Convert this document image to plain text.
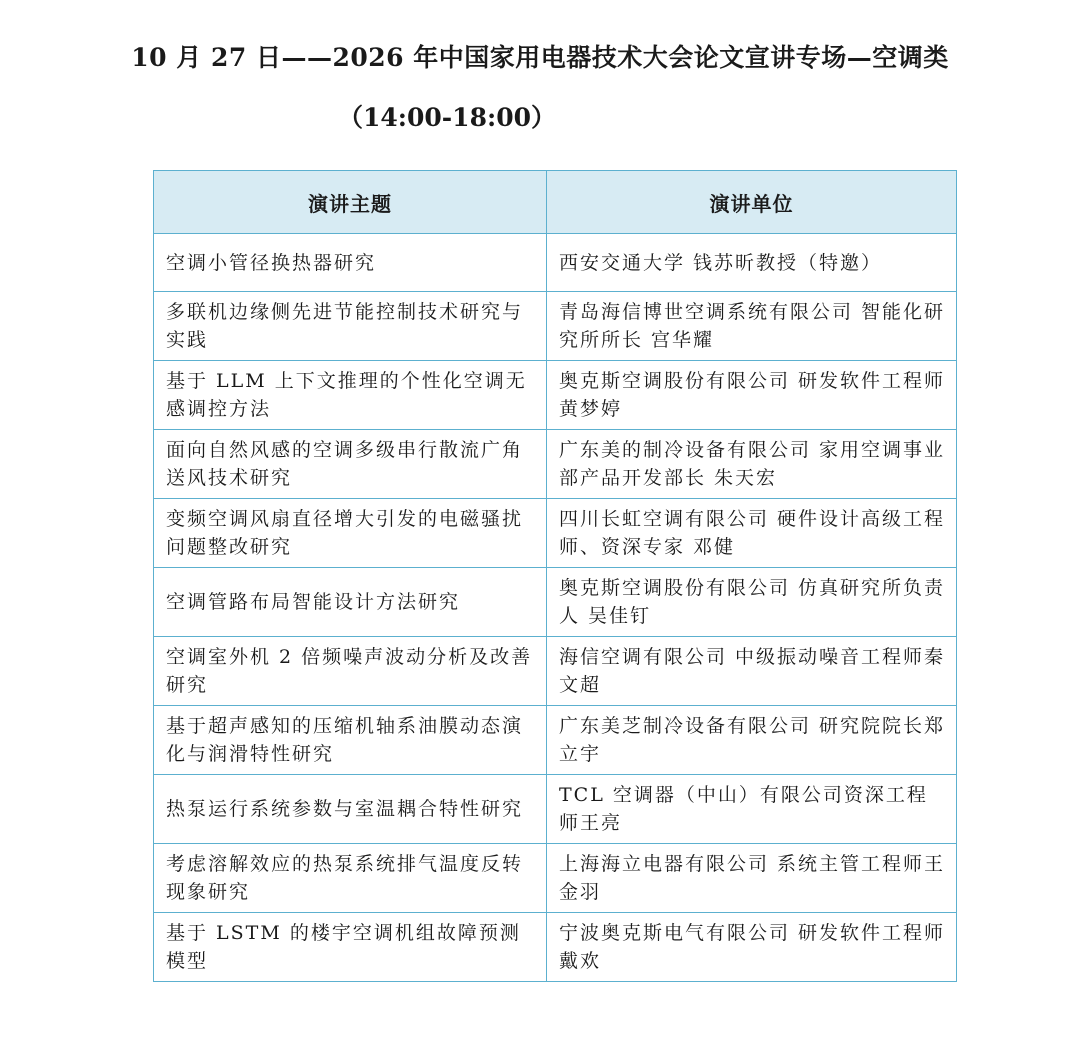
10 月 27 日——2026 年中国家用电器技术大会论文宣讲专场—空调类
（14:00-18:00）
演讲主题	演讲单位
空调小管径换热器研究	西安交通大学 钱苏昕教授（特邀）
多联机边缘侧先进节能控制技术研究与实践	青岛海信博世空调系统有限公司 智能化研究所所长 宫华耀
基于 LLM 上下文推理的个性化空调无感调控方法	奥克斯空调股份有限公司 研发软件工程师 黄梦婷
面向自然风感的空调多级串行散流广角送风技术研究	广东美的制冷设备有限公司 家用空调事业部产品开发部长 朱天宏
变频空调风扇直径增大引发的电磁骚扰问题整改研究	四川长虹空调有限公司 硬件设计高级工程师、资深专家 邓健
空调管路布局智能设计方法研究	奥克斯空调股份有限公司 仿真研究所负责人 吴佳钉
空调室外机 2 倍频噪声波动分析及改善研究	海信空调有限公司 中级振动噪音工程师秦文超
基于超声感知的压缩机轴系油膜动态演化与润滑特性研究	广东美芝制冷设备有限公司 研究院院长郑立宇
热泵运行系统参数与室温耦合特性研究	TCL 空调器（中山）有限公司资深工程师王亮
考虑溶解效应的热泵系统排气温度反转现象研究	上海海立电器有限公司 系统主管工程师王金羽
基于 LSTM 的楼宇空调机组故障预测模型	宁波奥克斯电气有限公司 研发软件工程师 戴欢
